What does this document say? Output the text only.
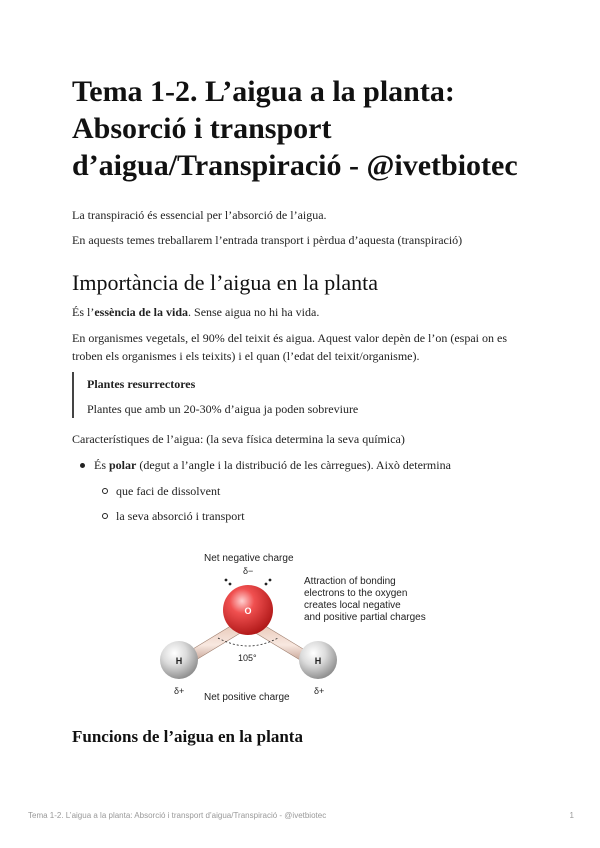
Tema 1-2. L’aigua a la planta: Absorció i transport d’aigua/Transpiració - @ivetbiotec

La transpiració és essencial per l’absorció de l’aigua.

En aquests temes treballarem l’entrada transport i pèrdua d’aquesta (transpiració)

Importància de l’aigua en la planta

És l’essència de la vida. Sense aigua no hi ha vida.

En organismes vegetals, el 90% del teixit és aigua. Aquest valor depèn de l’on (espai on es troben els organismes i els teixits) i el quan (l’edat del teixit/organisme).

Plantes resurrectores

Plantes que amb un 20-30% d’aigua ja poden sobreviure

Característiques de l’aigua: (la seva física determina la seva química)

És polar (degut a l’angle i la distribució de les càrregues). Això determina

que faci de dissolvent

la seva absorció i transport

Funcions de l’aigua en la planta
Net negative charge
δ−
O
H	H
105°
δ+	δ+
Net positive charge
Attraction of bonding
electrons to the oxygen
creates local negative
and positive partial charges
Tema 1-2. L’aigua a la planta: Absorció i transport d’aigua/Transpiració - @ivetbiotec	1
